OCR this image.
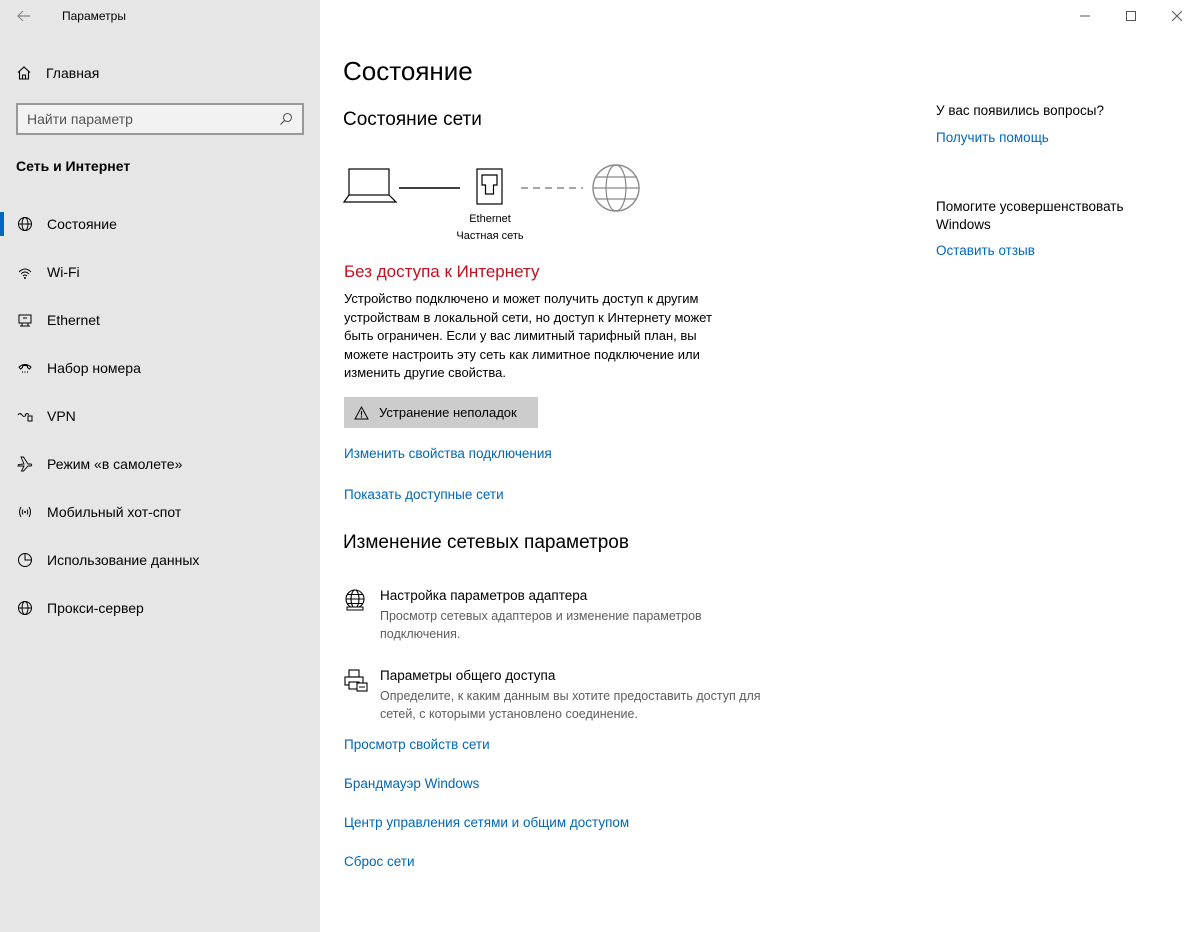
Параметры
Главная
Найти параметр
Сеть и Интернет
Состояние
Wi-Fi
Ethernet
Набор номера
VPN
Режим «в самолете»
Мобильный хот-спот
Использование данных
Прокси-сервер
Состояние
Состояние сети
Ethernet
Частная сеть
Без доступа к Интернету
Устройство подключено и может получить доступ к другим устройствам в локальной сети, но доступ к Интернету может быть ограничен. Если у вас лимитный тарифный план, вы можете настроить эту сеть как лимитное подключение или изменить другие свойства.
Устранение неполадок
Изменить свойства подключения
Показать доступные сети
Изменение сетевых параметров
Настройка параметров адаптера
Просмотр сетевых адаптеров и изменение параметров подключения.
Параметры общего доступа
Определите, к каким данным вы хотите предоставить доступ для сетей, с которыми установлено соединение.
Просмотр свойств сети
Брандмауэр Windows
Центр управления сетями и общим доступом
Сброс сети
У вас появились вопросы?
Получить помощь
Помогите усовершенствовать Windows
Оставить отзыв
